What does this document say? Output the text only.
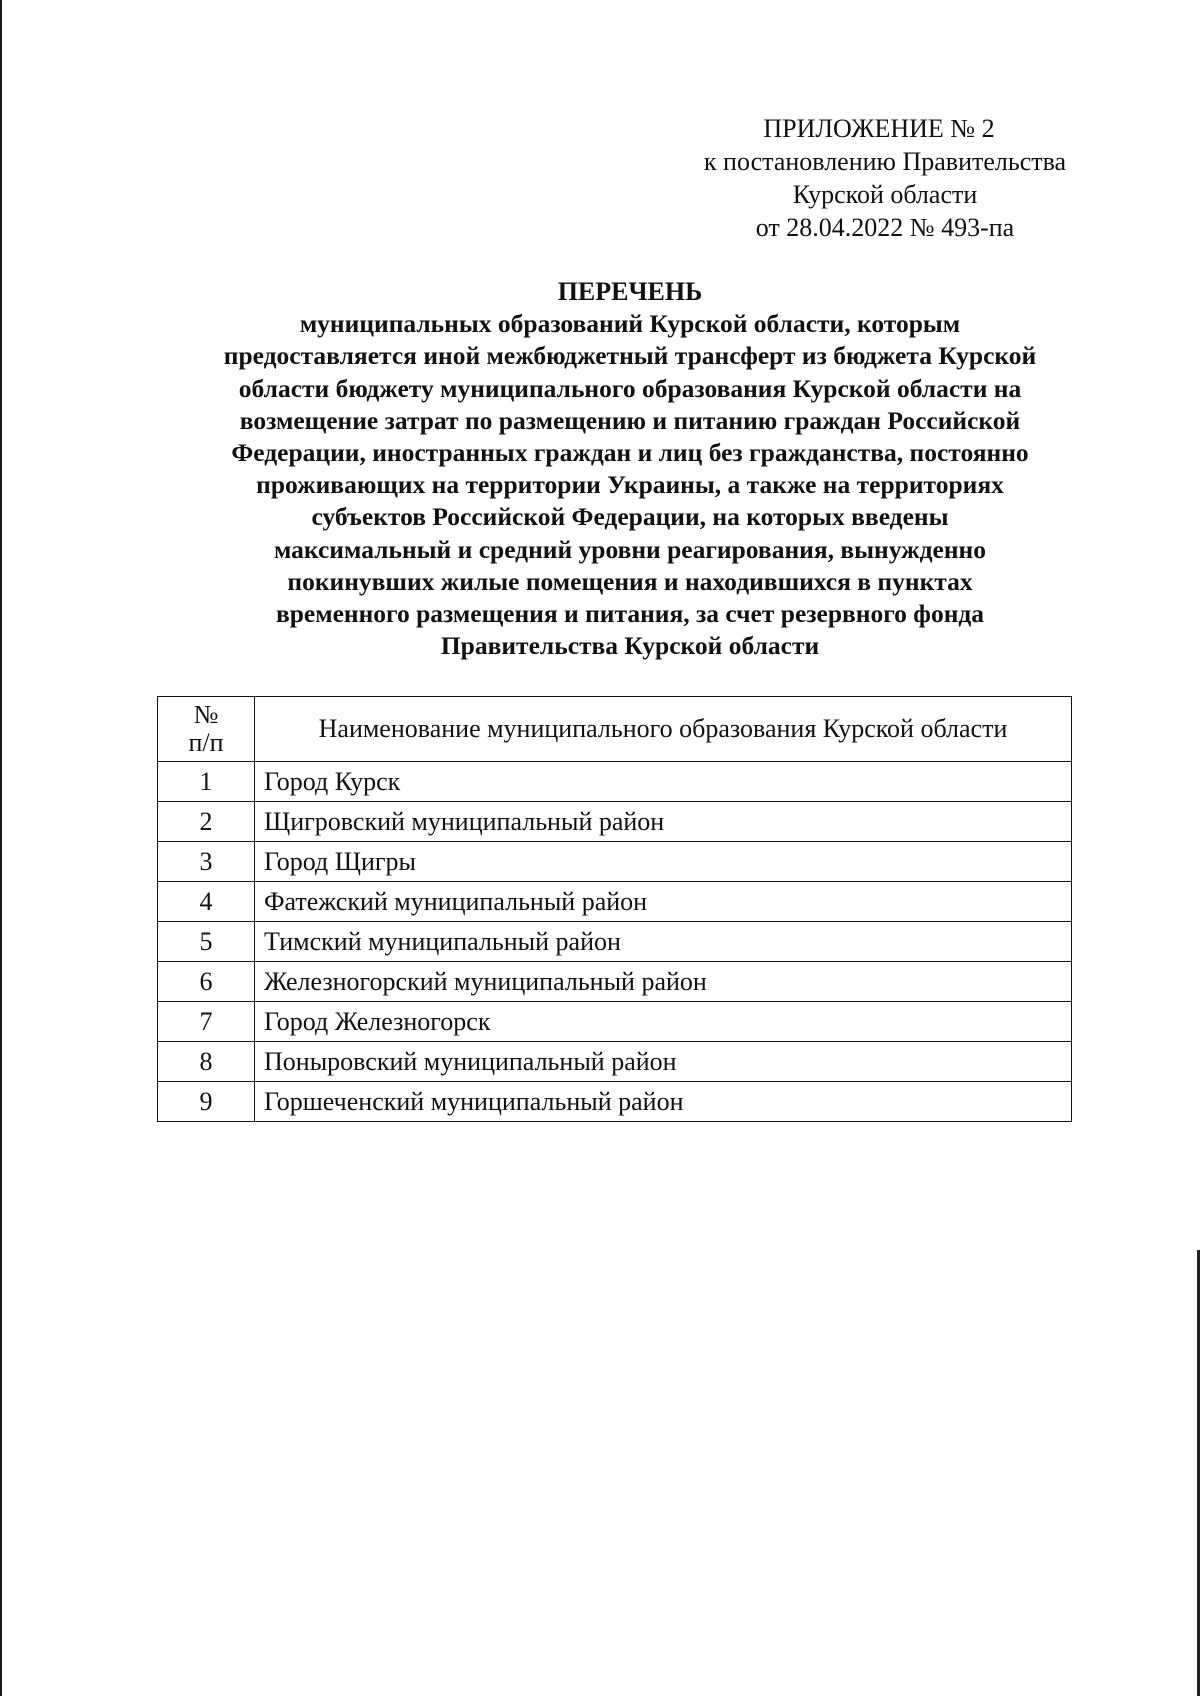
ПРИЛОЖЕНИЕ № 2
к постановлению Правительства
Курской области
от 28.04.2022 № 493-па
ПЕРЕЧЕНЬ
муниципальных образований Курской области, которым
предоставляется иной межбюджетный трансферт из бюджета Курской
области бюджету муниципального образования Курской области на
возмещение затрат по размещению и питанию граждан Российской
Федерации, иностранных граждан и лиц без гражданства, постоянно
проживающих на территории Украины, а также на территориях
субъектов Российской Федерации, на которых введены
максимальный и средний уровни реагирования, вынужденно
покинувших жилые помещения и находившихся в пунктах
временного размещения и питания, за счет резервного фонда
Правительства Курской области
№
п/п	Наименование муниципального образования Курской области
1	Город Курск
2	Щигровский муниципальный район
3	Город Щигры
4	Фатежский муниципальный район
5	Тимский муниципальный район
6	Железногорский муниципальный район
7	Город Железногорск
8	Поныровский муниципальный район
9	Горшеченский муниципальный район
